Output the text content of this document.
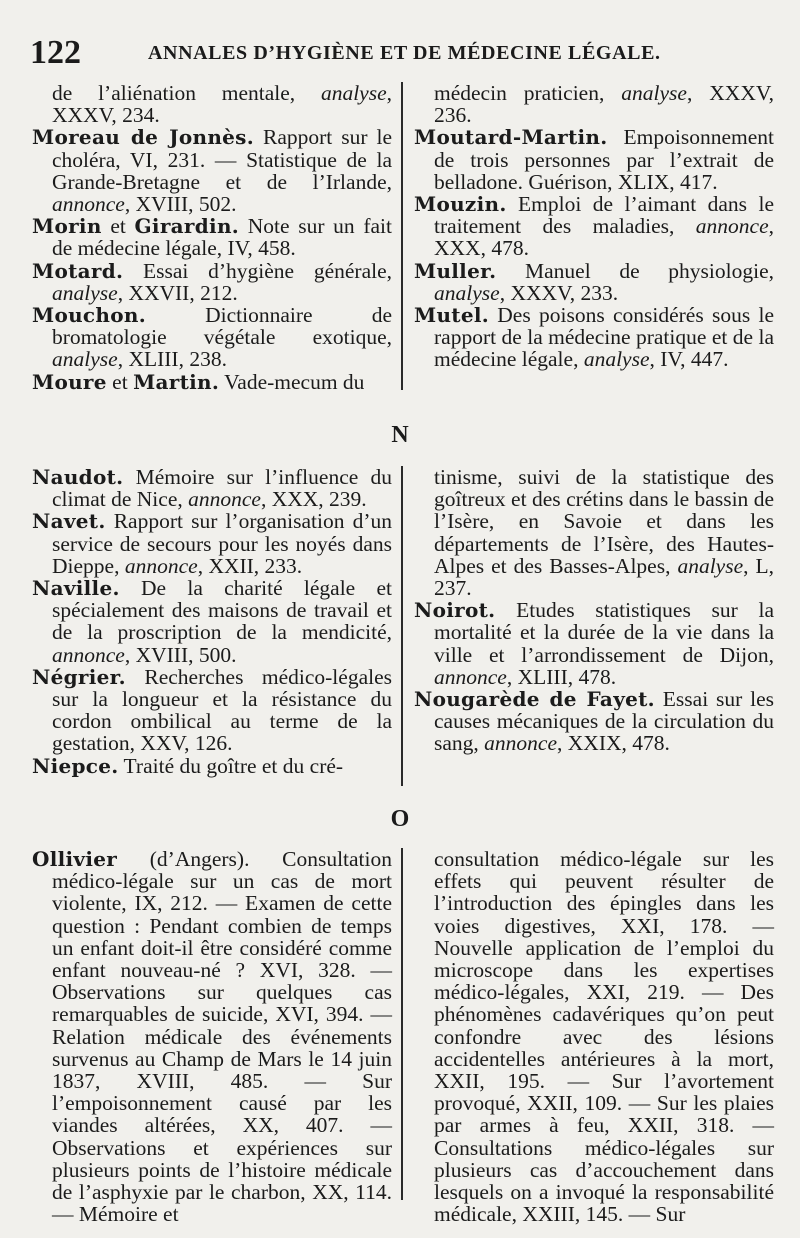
122	ANNALES D’HYGIÈNE ET DE MÉDECINE LÉGALE.

de l’aliénation mentale, analyse, XXXV, 234.

Moreau de Jonnès. Rapport sur le choléra, VI, 231. — Statistique de la Grande-Bretagne et de l’Irlande, annonce, XVIII, 502.

Morin et Girardin. Note sur un fait de médecine légale, IV, 458.

Motard. Essai d’hygiène générale, analyse, XXVII, 212.

Mouchon. Dictionnaire de bromatologie végétale exotique, analyse, XLIII, 238.

Moure et Martin. Vade-mecum du

médecin praticien, analyse, XXXV, 236.

Moutard-Martin. Empoisonnement de trois personnes par l’extrait de belladone. Guérison, XLIX, 417.

Mouzin. Emploi de l’aimant dans le traitement des maladies, annonce, XXX, 478.

Muller. Manuel de physiologie, analyse, XXXV, 233.

Mutel. Des poisons considérés sous le rapport de la médecine pratique et de la médecine légale, analyse, IV, 447.

N

Naudot. Mémoire sur l’influence du climat de Nice, annonce, XXX, 239.

Navet. Rapport sur l’organisation d’un service de secours pour les noyés dans Dieppe, annonce, XXII, 233.

Naville. De la charité légale et spécialement des maisons de travail et de la proscription de la mendicité, annonce, XVIII, 500.

Négrier. Recherches médico-légales sur la longueur et la résistance du cordon ombilical au terme de la gestation, XXV, 126.

Niepce. Traité du goître et du cré-

tinisme, suivi de la statistique des goîtreux et des crétins dans le bassin de l’Isère, en Savoie et dans les départements de l’Isère, des Hautes-Alpes et des Basses-Alpes, analyse, L, 237.

Noirot. Etudes statistiques sur la mortalité et la durée de la vie dans la ville et l’arrondissement de Dijon, annonce, XLIII, 478.

Nougarède de Fayet. Essai sur les causes mécaniques de la circulation du sang, annonce, XXIX, 478.

O

Ollivier (d’Angers). Consultation médico-légale sur un cas de mort violente, IX, 212. — Examen de cette question : Pendant combien de temps un enfant doit-il être considéré comme enfant nouveau-né ? XVI, 328. — Observations sur quelques cas remarquables de suicide, XVI, 394. — Relation médicale des événements survenus au Champ de Mars le 14 juin 1837, XVIII, 485. — Sur l’empoisonnement causé par les viandes altérées, XX, 407. — Observations et expériences sur plusieurs points de l’histoire médicale de l’asphyxie par le charbon, XX, 114. — Mémoire et

consultation médico-légale sur les effets qui peuvent résulter de l’introduction des épingles dans les voies digestives, XXI, 178. — Nouvelle application de l’emploi du microscope dans les expertises médico-légales, XXI, 219. — Des phénomènes cadavériques qu’on peut confondre avec des lésions accidentelles antérieures à la mort, XXII, 195. — Sur l’avortement provoqué, XXII, 109. — Sur les plaies par armes à feu, XXII, 318. — Consultations médico-légales sur plusieurs cas d’accouchement dans lesquels on a invoqué la responsabilité médicale, XXIII, 145. — Sur
